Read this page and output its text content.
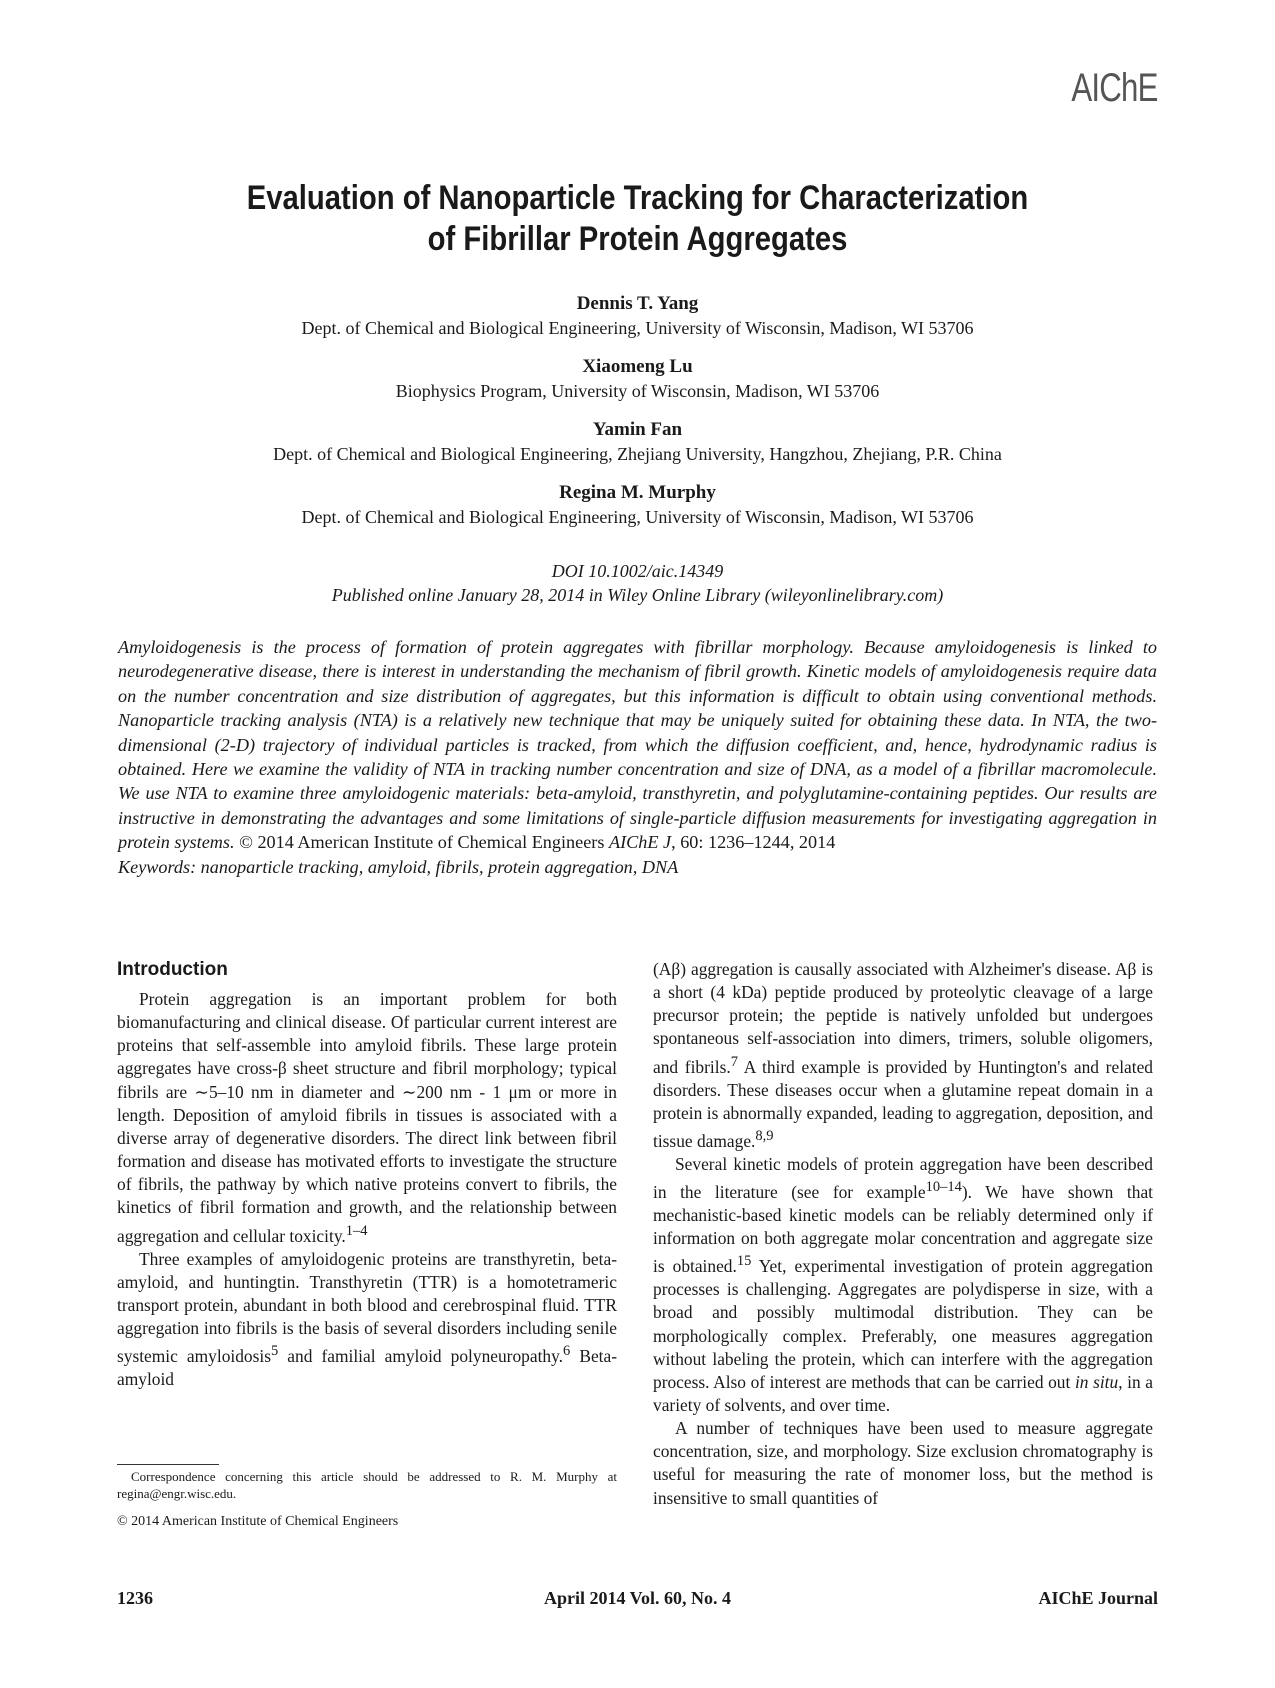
AIChE
Evaluation of Nanoparticle Tracking for Characterization
of Fibrillar Protein Aggregates
Dennis T. Yang
Dept. of Chemical and Biological Engineering, University of Wisconsin, Madison, WI 53706
Xiaomeng Lu
Biophysics Program, University of Wisconsin, Madison, WI 53706
Yamin Fan
Dept. of Chemical and Biological Engineering, Zhejiang University, Hangzhou, Zhejiang, P.R. China
Regina M. Murphy
Dept. of Chemical and Biological Engineering, University of Wisconsin, Madison, WI 53706
DOI 10.1002/aic.14349
Published online January 28, 2014 in Wiley Online Library (wileyonlinelibrary.com)
Amyloidogenesis is the process of formation of protein aggregates with fibrillar morphology. Because amyloidogenesis is linked to neurodegenerative disease, there is interest in understanding the mechanism of fibril growth. Kinetic models of amyloidogenesis require data on the number concentration and size distribution of aggregates, but this information is difficult to obtain using conventional methods. Nanoparticle tracking analysis (NTA) is a relatively new technique that may be uniquely suited for obtaining these data. In NTA, the two-dimensional (2-D) trajectory of individual particles is tracked, from which the diffusion coefficient, and, hence, hydrodynamic radius is obtained. Here we examine the validity of NTA in tracking number concentration and size of DNA, as a model of a fibrillar macromolecule. We use NTA to examine three amyloidogenic materials: beta-amyloid, transthyretin, and polyglutamine-containing peptides. Our results are instructive in demonstrating the advantages and some limitations of single-particle diffusion measurements for investigating aggregation in protein systems. © 2014 American Institute of Chemical Engineers AIChE J, 60: 1236–1244, 2014
Keywords: nanoparticle tracking, amyloid, fibrils, protein aggregation, DNA
Introduction

Protein aggregation is an important problem for both biomanufacturing and clinical disease. Of particular current interest are proteins that self-assemble into amyloid fibrils. These large protein aggregates have cross-β sheet structure and fibril morphology; typical fibrils are ∼5–10 nm in diameter and ∼200 nm - 1 μm or more in length. Deposition of amyloid fibrils in tissues is associated with a diverse array of degenerative disorders. The direct link between fibril formation and disease has motivated efforts to investigate the structure of fibrils, the pathway by which native proteins convert to fibrils, the kinetics of fibril formation and growth, and the relationship between aggregation and cellular toxicity.$^{1-4}$

Three examples of amyloidogenic proteins are transthyretin, beta-amyloid, and huntingtin. Transthyretin (TTR) is a homotetrameric transport protein, abundant in both blood and cerebrospinal fluid. TTR aggregation into fibrils is the basis of several disorders including senile systemic amyloidosis$^5$ and familial amyloid polyneuropathy.$^6$ Beta-amyloid

(Aβ) aggregation is causally associated with Alzheimer's disease. Aβ is a short (4 kDa) peptide produced by proteolytic cleavage of a large precursor protein; the peptide is natively unfolded but undergoes spontaneous self-association into dimers, trimers, soluble oligomers, and fibrils.$^7$ A third example is provided by Huntington's and related disorders. These diseases occur when a glutamine repeat domain in a protein is abnormally expanded, leading to aggregation, deposition, and tissue damage.$^{8,9}$

Several kinetic models of protein aggregation have been described in the literature (see for example$^{10-14}$). We have shown that mechanistic-based kinetic models can be reliably determined only if information on both aggregate molar concentration and aggregate size is obtained.$^{15}$ Yet, experimental investigation of protein aggregation processes is challenging. Aggregates are polydisperse in size, with a broad and possibly multimodal distribution. They can be morphologically complex. Preferably, one measures aggregation without labeling the protein, which can interfere with the aggregation process. Also of interest are methods that can be carried out in situ, in a variety of solvents, and over time.

A number of techniques have been used to measure aggregate concentration, size, and morphology. Size exclusion chromatography is useful for measuring the rate of monomer loss, but the method is insensitive to small quantities of

Correspondence concerning this article should be addressed to R. M. Murphy at regina@engr.wisc.edu.

© 2014 American Institute of Chemical Engineers
1236	April 2014 Vol. 60, No. 4	AIChE Journal
